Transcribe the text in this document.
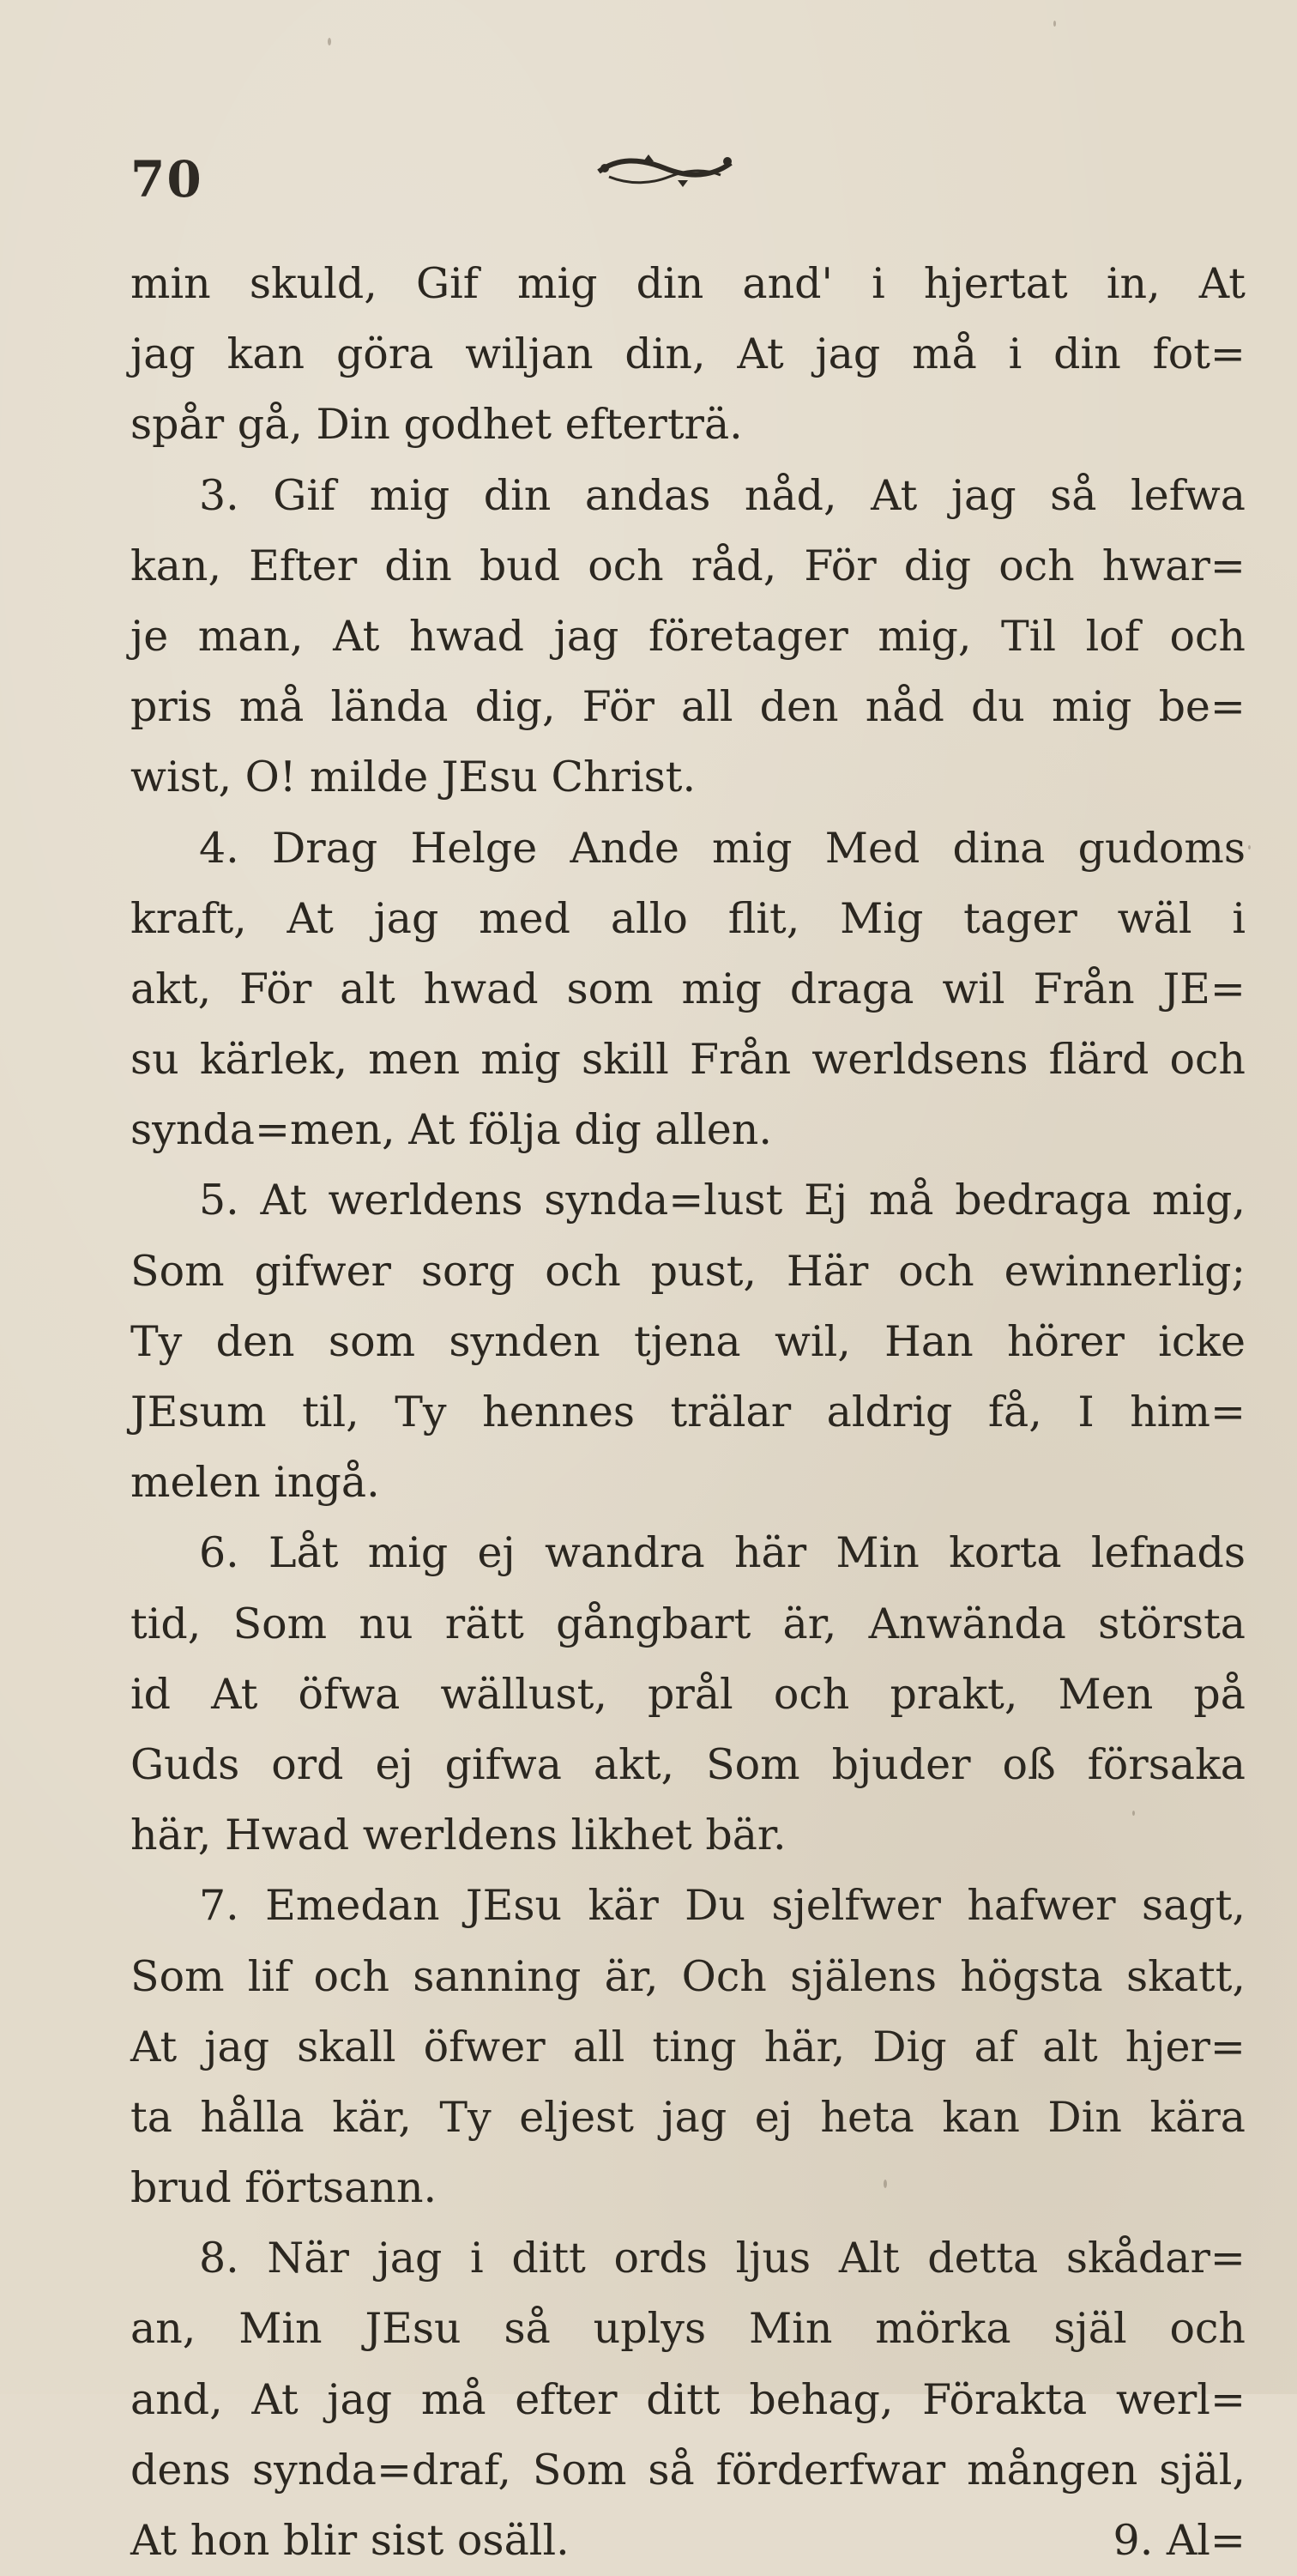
70
min skuld, Gif mig din and' i hjertat in, At
jag kan göra wiljan din, At jag må i din fot=
spår gå, Din godhet efterträ.
3. Gif mig din andas nåd, At jag så lefwa
kan, Efter din bud och råd, För dig och hwar=
je man, At hwad jag företager mig, Til lof och
pris må lända dig, För all den nåd du mig be=
wist, O! milde JEsu Christ.
4. Drag Helge Ande mig Med dina gudoms
kraft, At jag med allo flit, Mig tager wäl i
akt, För alt hwad som mig draga wil Från JE=
su kärlek, men mig skill Från werldsens flärd och
synda=men, At följa dig allen.
5. At werldens synda=lust Ej må bedraga mig,
Som gifwer sorg och pust, Här och ewinnerlig;
Ty den som synden tjena wil, Han hörer icke
JEsum til, Ty hennes trälar aldrig få, I him=
melen ingå.
6. Låt mig ej wandra här Min korta lefnads
tid, Som nu rätt gångbart är, Anwända största
id At öfwa wällust, prål och prakt, Men på
Guds ord ej gifwa akt, Som bjuder oß försaka
här, Hwad werldens likhet bär.
7. Emedan JEsu kär Du sjelfwer hafwer sagt,
Som lif och sanning är, Och själens högsta skatt,
At jag skall öfwer all ting här, Dig af alt hjer=
ta hålla kär, Ty eljest jag ej heta kan Din kära
brud förtsann.
8. När jag i ditt ords ljus Alt detta skådar=
an, Min JEsu så uplys Min mörka själ och
and, At jag må efter ditt behag, Förakta werl=
dens synda=draf, Som så förderfwar mången själ,
At hon blir sist osäll.	9. Al=
